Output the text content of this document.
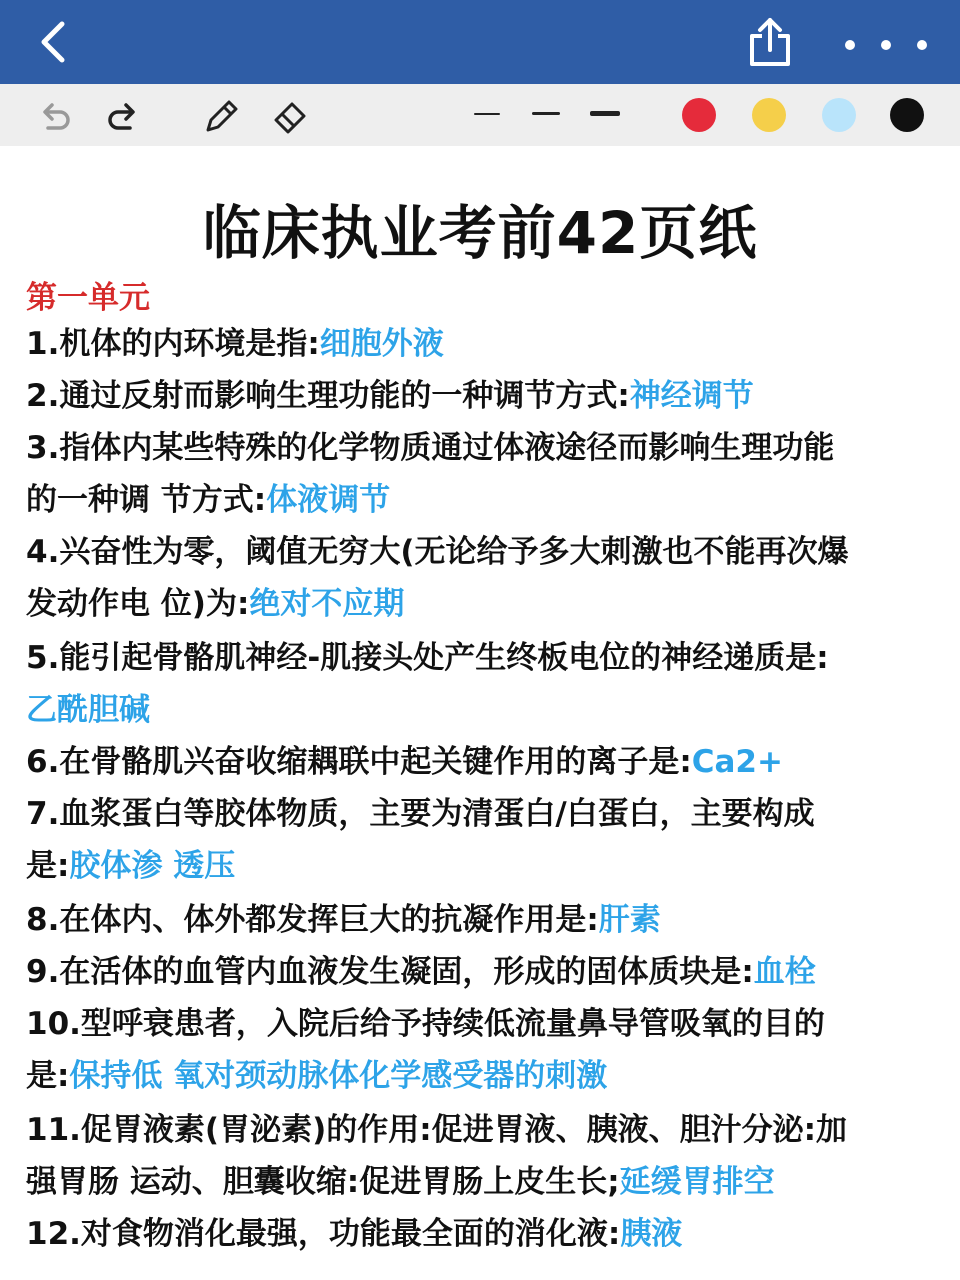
临床执业考前42页纸
第一单元
1.机体的内环境是指:细胞外液
2.通过反射而影响生理功能的一种调节方式:神经调节
3.指体内某些特殊的化学物质通过体液途径而影响生理功能
的一种调 节方式:体液调节
4.兴奋性为零，阈值无穷大(无论给予多大刺激也不能再次爆
发动作电 位)为:绝对不应期
5.能引起骨骼肌神经-肌接头处产生终板电位的神经递质是:
乙酰胆碱
6.在骨骼肌兴奋收缩耦联中起关键作用的离子是:Ca2+
7.血浆蛋白等胶体物质，主要为清蛋白/白蛋白，主要构成
是:胶体渗 透压
8.在体内、体外都发挥巨大的抗凝作用是:肝素
9.在活体的血管内血液发生凝固，形成的固体质块是:血栓
10.型呼衰患者，入院后给予持续低流量鼻导管吸氧的目的
是:保持低 氧对颈动脉体化学感受器的刺激
11.促胃液素(胃泌素)的作用:促进胃液、胰液、胆汁分泌:加
强胃肠 运动、胆囊收缩:促进胃肠上皮生长;延缓胃排空
12.对食物消化最强，功能最全面的消化液:胰液
